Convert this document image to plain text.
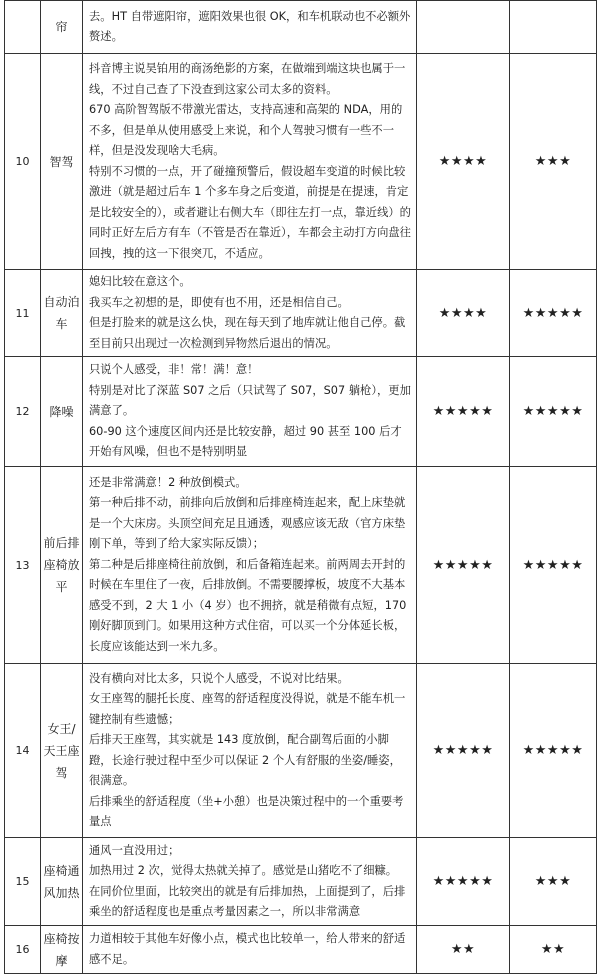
	帘	去。HT 自带遮阳帘，遮阳效果也很 OK，和车机联动也不必额外赘述。		

10	智驾	抖音博主说昊铂用的商汤绝影的方案，在做端到端这块也属于一线，不过自己查了下没查到这家公司太多的资料。

670 高阶智驾版不带激光雷达，支持高速和高架的 NDA，用的不多，但是单从使用感受上来说，和个人驾驶习惯有一些不一样，但是没发现啥大毛病。

特别不习惯的一点，开了碰撞预警后，假设超车变道的时候比较激进（就是超过后车 1 个多车身之后变道，前提是在提速，肯定是比较安全的），或者避让右侧大车（即往左打一点，靠近线）的同时正好左后方有车（不管是否在靠近），车都会主动打方向盘往回拽，拽的这一下很突兀，不适应。	★★★★	★★★
11	自动泊车	媳妇比较在意这个。

我买车之初想的是，即使有也不用，还是相信自己。

但是打脸来的就是这么快，现在每天到了地库就让他自己停。截至目前只出现过一次检测到异物然后退出的情况。	★★★★	★★★★★
12	降噪	只说个人感受，非！常！满！意！

特别是对比了深蓝 S07 之后（只试驾了 S07，S07 躺枪），更加满意了。

60-90 这个速度区间内还是比较安静，超过 90 甚至 100 后才开始有风噪，但也不是特别明显	★★★★★	★★★★★
13	前后排座椅放平	还是非常满意！2 种放倒模式。

第一种后排不动，前排向后放倒和后排座椅连起来，配上床垫就是一个大床房。头顶空间充足且通透，观感应该无敌（官方床垫刚下单，等到了给大家实际反馈）；

第二种是后排座椅往前放倒，和后备箱连起来。前两周去开封的时候在车里住了一夜，后排放倒。不需要腰撑板，坡度不大基本感受不到，2 大 1 小（4 岁）也不拥挤，就是稍微有点短，170 刚好脚顶到门。如果用这种方式住宿，可以买一个分体延长板，长度应该能达到一米九多。	★★★★★	★★★★★
14	女王/天王座驾	没有横向对比太多，只说个人感受，不说对比结果。

女王座驾的腿托长度、座驾的舒适程度没得说，就是不能车机一键控制有些遗憾；

后排天王座驾，其实就是 143 度放倒，配合副驾后面的小脚蹬，长途行驶过程中至少可以保证 2 个人有舒服的坐姿/睡姿，很满意。

后排乘坐的舒适程度（坐+小憩）也是决策过程中的一个重要考量点	★★★★★	★★★★★
15	座椅通风加热	通风一直没用过；

加热用过 2 次，觉得太热就关掉了。感觉是山猪吃不了细糠。

在同价位里面，比较突出的就是有后排加热，上面提到了，后排乘坐的舒适程度也是重点考量因素之一，所以非常满意	★★★★★	★★★
16	座椅按摩	力道相较于其他车好像小点，模式也比较单一，给人带来的舒适感不足。	★★	★★
